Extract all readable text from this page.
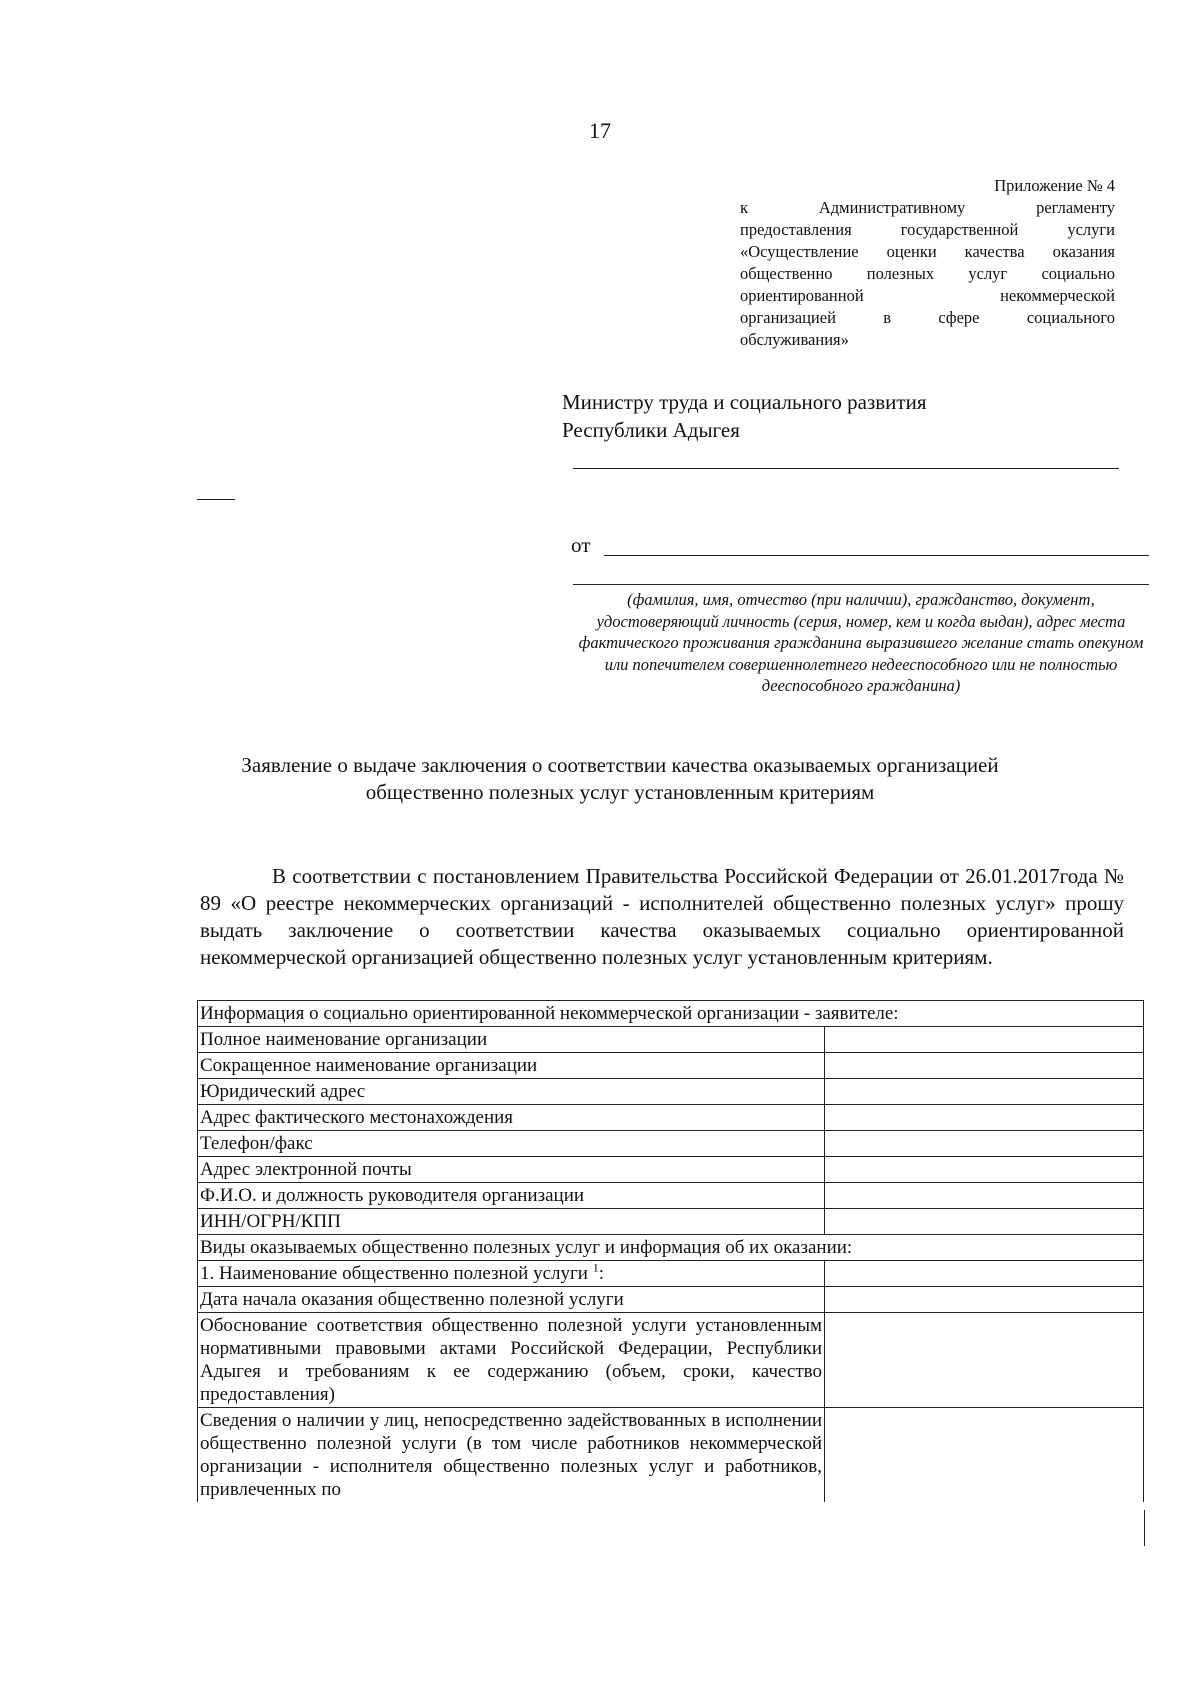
17
Приложение № 4
к Административному регламенту
предоставления государственной услуги
«Осуществление оценки качества оказания
общественно полезных услуг социально
ориентированной некоммерческой
организацией в сфере социального
обслуживания»
Министру труда и социального развития
Республики Адыгея
от
(фамилия, имя, отчество (при наличии), гражданство, документ, удостоверяющий личность (серия, номер, кем и когда выдан), адрес места фактического проживания гражданина выразившего желание стать опекуном или попечителем совершеннолетнего недееспособного или не полностью дееспособного гражданина)
Заявление о выдаче заключения о соответствии качества оказываемых организацией общественно полезных услуг установленным критериям

В соответствии с постановлением Правительства Российской Федерации от 26.01.2017года № 89 «О реестре некоммерческих организаций - исполнителей общественно полезных услуг» прошу выдать заключение о соответствии качества оказываемых социально ориентированной некоммерческой организацией общественно полезных услуг установленным критериям.

Информация о социально ориентированной некоммерческой организации - заявителе:	
Полное наименование организации	
Сокращенное наименование организации	
Юридический адрес	
Адрес фактического местонахождения	
Телефон/факс	
Адрес электронной почты	
Ф.И.О. и должность руководителя организации	
ИНН/ОГРН/КПП	
Виды оказываемых общественно полезных услуг и информация об их оказании:	
1. Наименование общественно полезной услуги $^1$:	
Дата начала оказания общественно полезной услуги	
Обоснование соответствия общественно полезной услуги установленным нормативными правовыми актами Российской Федерации, Республики Адыгея и требованиям к ее содержанию (объем, сроки, качество предоставления)	
Сведения о наличии у лиц, непосредственно задействованных в исполнении общественно полезной услуги (в том числе работников некоммерческой организации - исполнителя общественно полезных услуг и работников, привлеченных по	
